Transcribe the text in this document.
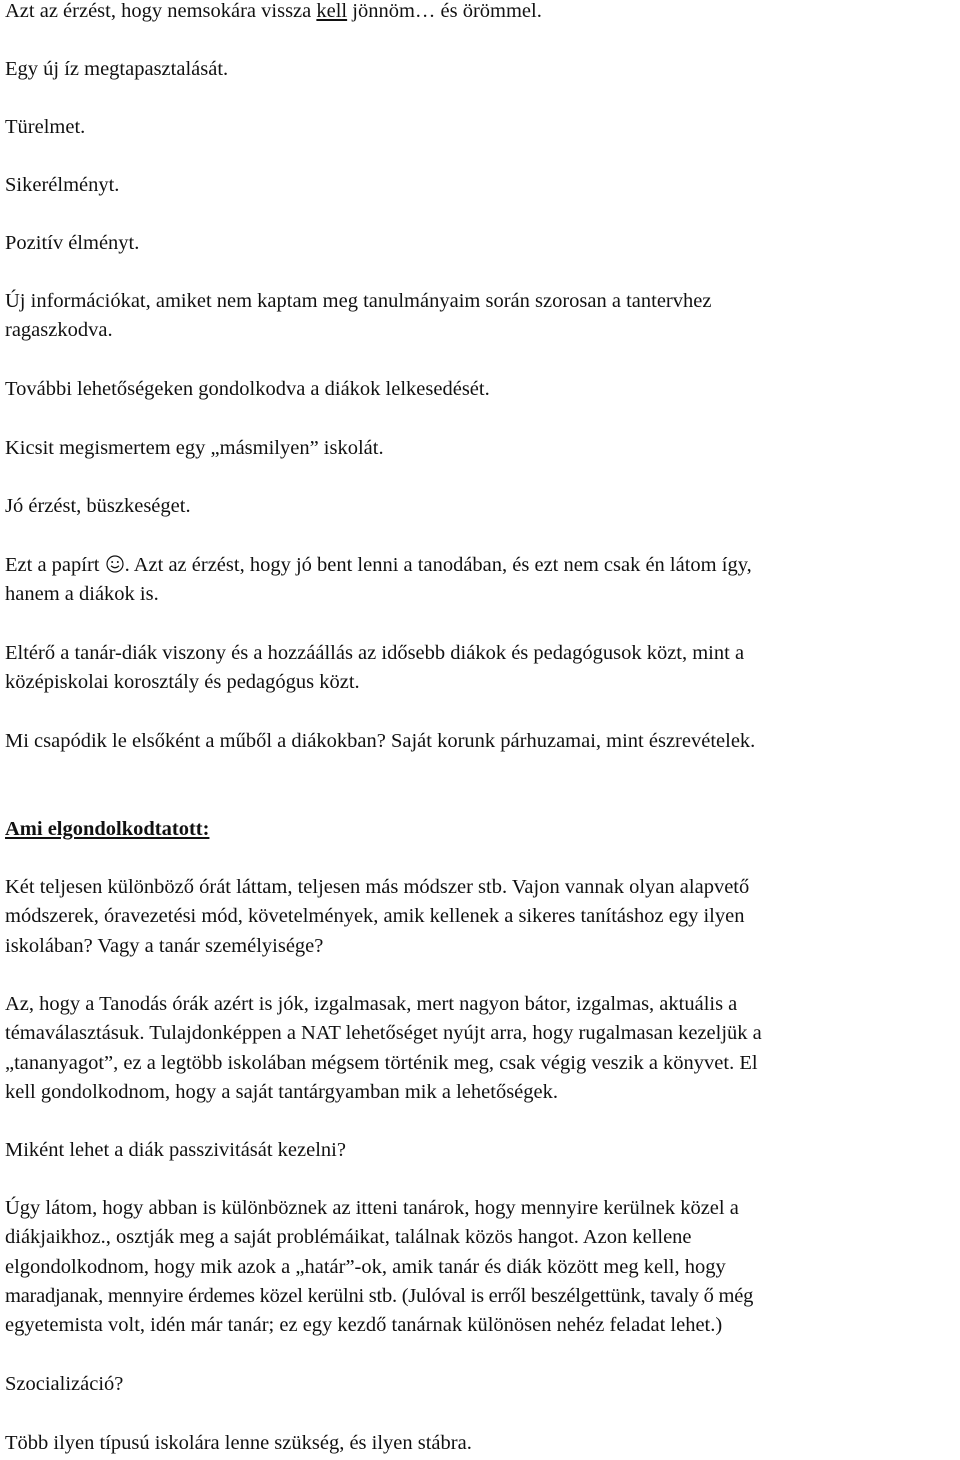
Azt az érzést, hogy nemsokára vissza kell jönnöm… és örömmel.

Egy új íz megtapasztalását.

Türelmet.

Sikerélményt.

Pozitív élményt.

Új információkat, amiket nem kaptam meg tanulmányaim során szorosan a tantervhez
ragaszkodva.

További lehetőségeken gondolkodva a diákok lelkesedését.

Kicsit megismertem egy „másmilyen” iskolát.

Jó érzést, büszkeséget.

Ezt a papírt
. Azt az érzést, hogy jó bent lenni a tanodában, és ezt nem csak én látom így,
hanem a diákok is.

Eltérő a tanár-diák viszony és a hozzáállás az idősebb diákok és pedagógusok közt, mint a
középiskolai korosztály és pedagógus közt.

Mi csapódik le elsőként a műből a diákokban? Saját korunk párhuzamai, mint észrevételek.

Ami elgondolkodtatott:

Két teljesen különböző órát láttam, teljesen más módszer stb. Vajon vannak olyan alapvető
módszerek, óravezetési mód, követelmények, amik kellenek a sikeres tanításhoz egy ilyen
iskolában? Vagy a tanár személyisége?

Az, hogy a Tanodás órák azért is jók, izgalmasak, mert nagyon bátor, izgalmas, aktuális a
témaválasztásuk. Tulajdonképpen a NAT lehetőséget nyújt arra, hogy rugalmasan kezeljük a
„tananyagot”, ez a legtöbb iskolában mégsem történik meg, csak végig veszik a könyvet. El
kell gondolkodnom, hogy a saját tantárgyamban mik a lehetőségek.

Miként lehet a diák passzivitását kezelni?

Úgy látom, hogy abban is különböznek az itteni tanárok, hogy mennyire kerülnek közel a
diákjaikhoz., osztják meg a saját problémáikat, találnak közös hangot. Azon kellene
elgondolkodnom, hogy mik azok a „határ”-ok, amik tanár és diák között meg kell, hogy
maradjanak, mennyire érdemes közel kerülni stb. (Julóval is erről beszélgettünk, tavaly ő még
egyetemista volt, idén már tanár; ez egy kezdő tanárnak különösen nehéz feladat lehet.)

Szocializáció?

Több ilyen típusú iskolára lenne szükség, és ilyen stábra.
